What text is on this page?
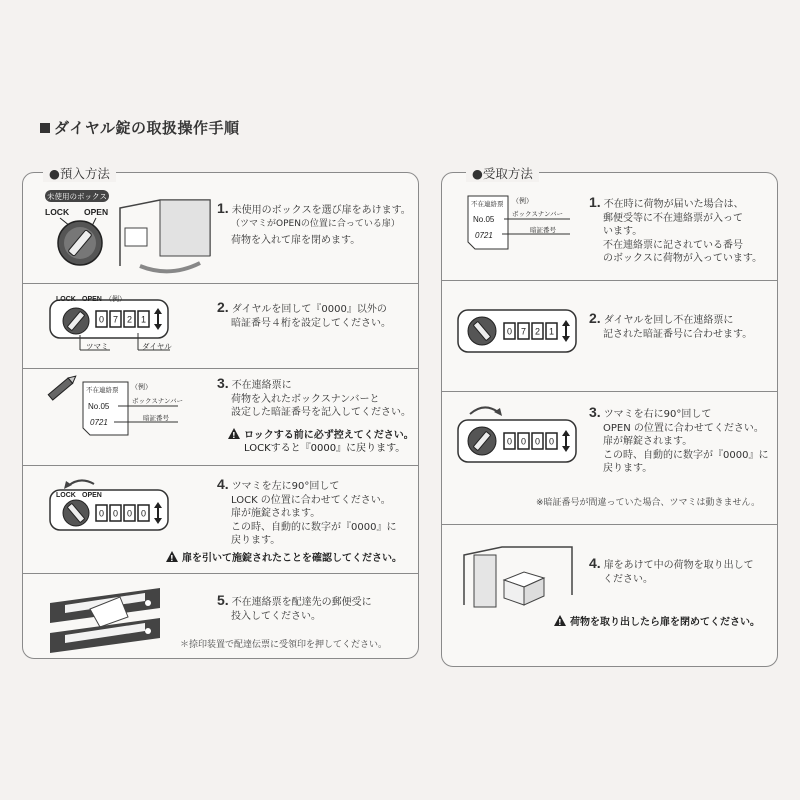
ダイヤル錠の取扱操作手順
●預入方法
未使用のボックス
LOCK OPEN	1. 未使用のボックスを選び扉をあけます。
（ツマミがOPENの位置に合っている扉）
荷物を入れて扉を閉めます。
LOCK OPEN （例）
0 7 2 1
ツマミ	ダイヤル
2. ダイヤルを回して『0000』以外の
暗証番号４桁を設定してください。
不在連絡票 （例）
No.05
0721
ボックスナンバー
暗証番号
3. 不在連絡票に
荷物を入れたボックスナンバーと
設定した暗証番号を記入してください。
!ロックする前に必ず控えてください。
LOCKすると『0000』に戻ります。
LOCK OPEN
0 0 0 0
4. ツマミを左に90°回して
LOCK の位置に合わせてください。
扉が施錠されます。
この時、自動的に数字が『0000』に
戻ります。
!扉を引いて施錠されたことを確認してください。
5. 不在連絡票を配達先の郵便受に
投入してください。
＊捺印装置で配達伝票に受領印を押してください。
●受取方法
不在連絡票 （例）
No.05
0721
ボックスナンバー
暗証番号
1. 不在時に荷物が届いた場合は、
郵便受等に不在連絡票が入って
います。
不在連絡票に記されている番号
のボックスに荷物が入っています。
0 7 2 1
2. ダイヤルを回し不在連絡票に
記された暗証番号に合わせます。
0 0 0 0
3. ツマミを右に90°回して
OPEN の位置に合わせてください。
扉が解錠されます。
この時、自動的に数字が『0000』に
戻ります。
※暗証番号が間違っていた場合、ツマミは動きません。
4. 扉をあけて中の荷物を取り出して
ください。
!荷物を取り出したら扉を閉めてください。
